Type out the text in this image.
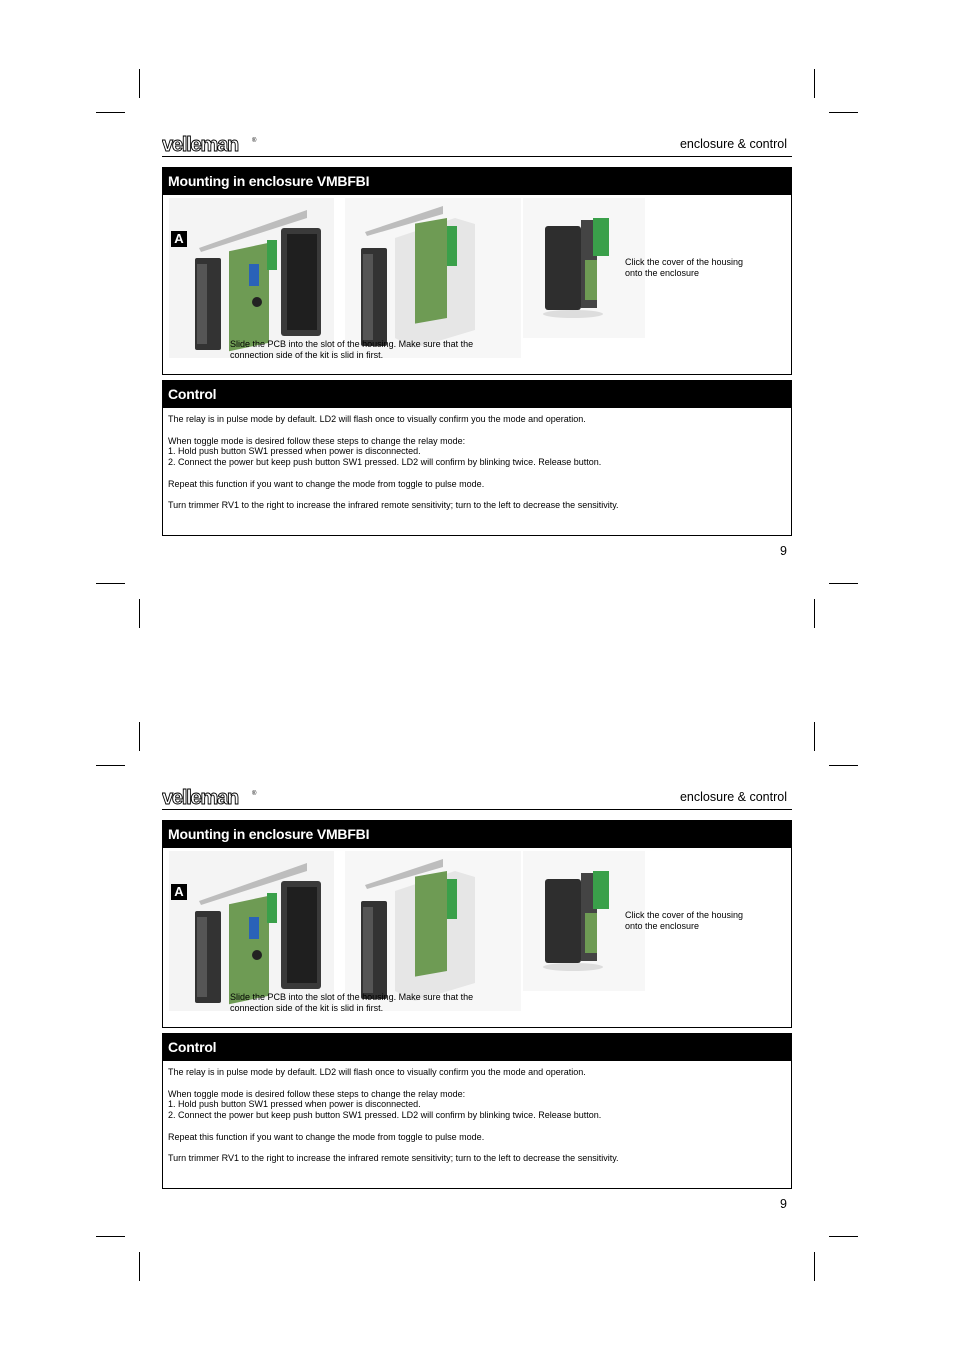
velleman ®	enclosure & control
Mounting in enclosure VMBFBI
A
Slide the PCB into the slot of the housing. Make sure that the
connection side of the kit is slid in first.
Click the cover of the housing
onto the enclosure
Control

The relay is in pulse mode by default. LD2 will flash once to visually confirm you the mode and operation.

When toggle mode is desired follow these steps to change the relay mode:
1. Hold push button SW1 pressed when power is disconnected.
2. Connect the power but keep push button SW1 pressed. LD2 will confirm by blinking twice. Release button.

Repeat this function if you want to change the mode from toggle to pulse mode.

Turn trimmer RV1 to the right to increase the infrared remote sensitivity; turn to the left to decrease the sensitivity.

9
velleman ®	enclosure & control
Mounting in enclosure VMBFBI
A
Slide the PCB into the slot of the housing. Make sure that the
connection side of the kit is slid in first.
Click the cover of the housing
onto the enclosure
Control

The relay is in pulse mode by default. LD2 will flash once to visually confirm you the mode and operation.

When toggle mode is desired follow these steps to change the relay mode:
1. Hold push button SW1 pressed when power is disconnected.
2. Connect the power but keep push button SW1 pressed. LD2 will confirm by blinking twice. Release button.

Repeat this function if you want to change the mode from toggle to pulse mode.

Turn trimmer RV1 to the right to increase the infrared remote sensitivity; turn to the left to decrease the sensitivity.

9
